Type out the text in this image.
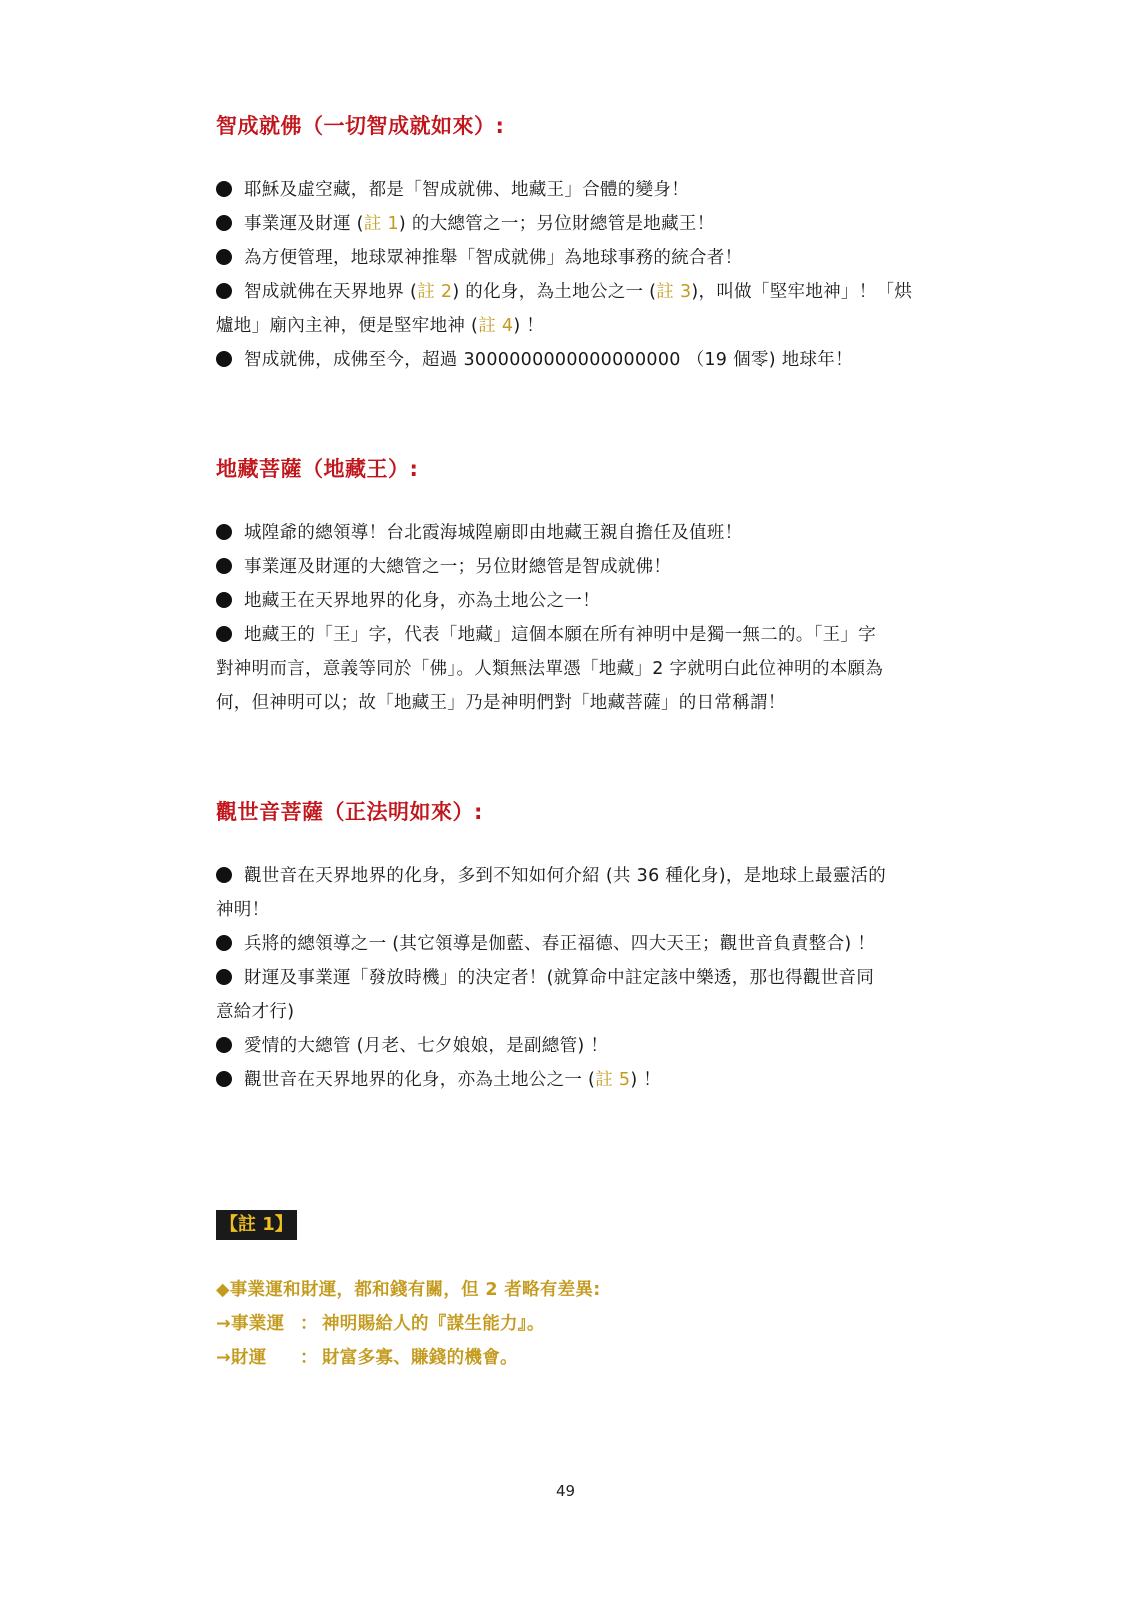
智成就佛（一切智成就如來）:
耶穌及虛空藏，都是「智成就佛、地藏王」合體的變身！
事業運及財運 (註 1) 的大總管之一；另位財總管是地藏王！
為方便管理，地球眾神推舉「智成就佛」為地球事務的統合者！
智成就佛在天界地界 (註 2) 的化身，為土地公之一 (註 3)，叫做「堅牢地神」！「烘
爐地」廟內主神，便是堅牢地神 (註 4) ！
智成就佛，成佛至今，超過 3000000000000000000 （19 個零) 地球年！
地藏菩薩（地藏王）:
城隍爺的總領導！台北霞海城隍廟即由地藏王親自擔任及值班！
事業運及財運的大總管之一；另位財總管是智成就佛！
地藏王在天界地界的化身，亦為土地公之一！
地藏王的「王」字，代表「地藏」這個本願在所有神明中是獨一無二的。「王」字
對神明而言，意義等同於「佛」。人類無法單憑「地藏」2 字就明白此位神明的本願為
何，但神明可以；故「地藏王」乃是神明們對「地藏菩薩」的日常稱謂！
觀世音菩薩（正法明如來）:
觀世音在天界地界的化身，多到不知如何介紹 (共 36 種化身)，是地球上最靈活的
神明！
兵將的總領導之一 (其它領導是伽藍、春正福德、四大天王；觀世音負責整合) ！
財運及事業運「發放時機」的決定者！(就算命中註定該中樂透，那也得觀世音同
意給才行)
愛情的大總管 (月老、七夕娘娘，是副總管) ！
觀世音在天界地界的化身，亦為土地公之一 (註 5) ！
【註 1】
◆事業運和財運，都和錢有關，但 2 者略有差異:
→事業運 ： 神明賜給人的『謀生能力』。
→財運 ： 財富多寡、賺錢的機會。
49
